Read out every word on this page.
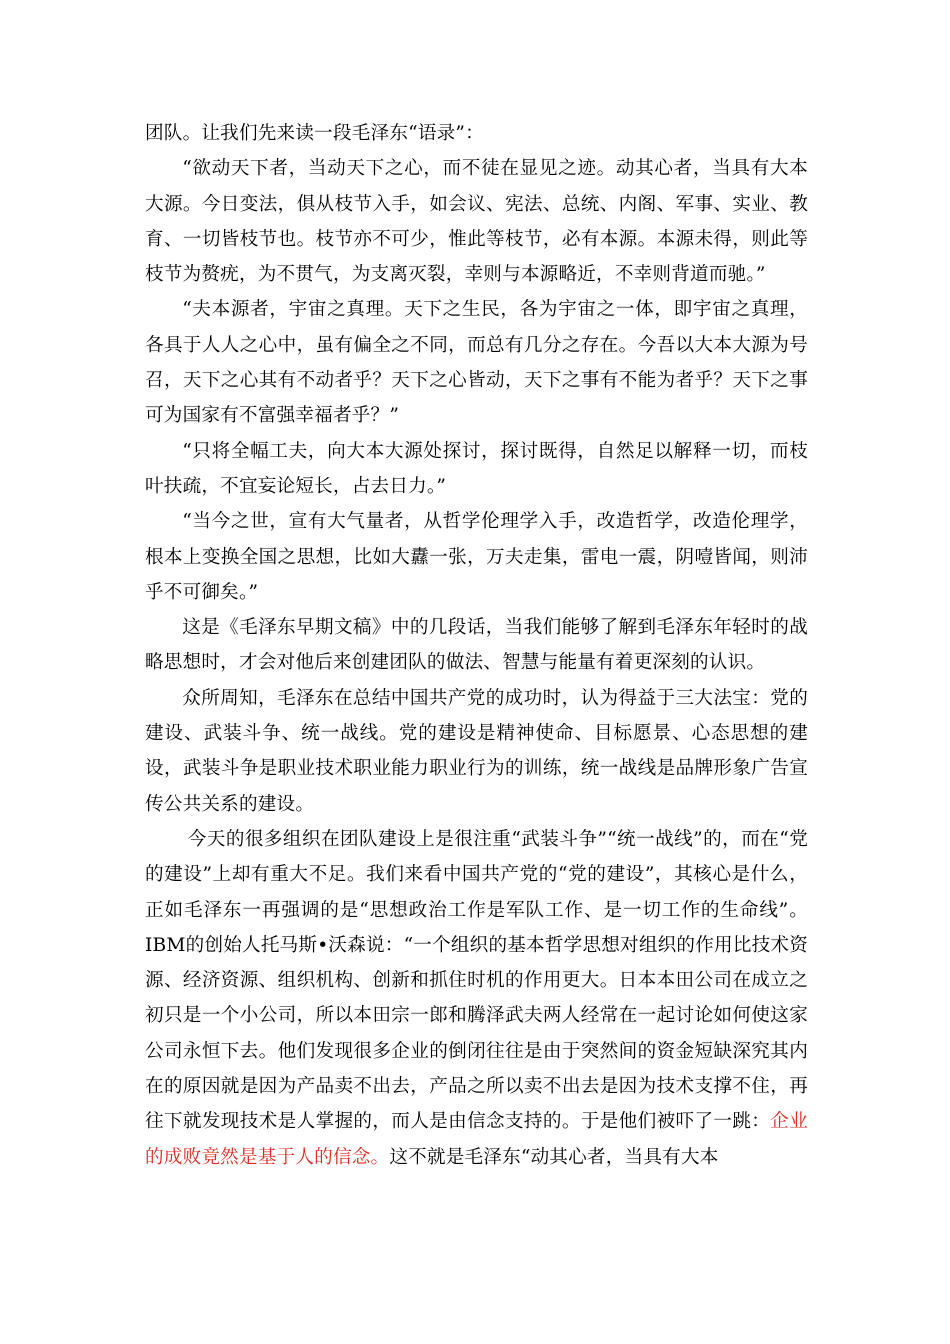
团队。让我们先来读一段毛泽东“语录”：

“欲动天下者，当动天下之心，而不徒在显见之迹。动其心者，当具有大本大源。今日变法，俱从枝节入手，如会议、宪法、总统、内阁、军事、实业、教育、一切皆枝节也。枝节亦不可少，惟此等枝节，必有本源。本源未得，则此等枝节为赘疣，为不贯气，为支离灭裂，幸则与本源略近，不幸则背道而驰。”

“夫本源者，宇宙之真理。天下之生民，各为宇宙之一体，即宇宙之真理，各具于人人之心中，虽有偏全之不同，而总有几分之存在。今吾以大本大源为号召，天下之心其有不动者乎？天下之心皆动，天下之事有不能为者乎？天下之事可为国家有不富强幸福者乎？”

“只将全幅工夫，向大本大源处探讨，探讨既得，自然足以解释一切，而枝叶扶疏，不宜妄论短长，占去日力。”

“当今之世，宣有大气量者，从哲学伦理学入手，改造哲学，改造伦理学，根本上变换全国之思想，比如大纛一张，万夫走集，雷电一震，阴噎皆闻，则沛乎不可御矣。”

这是《毛泽东早期文稿》中的几段话，当我们能够了解到毛泽东年轻时的战略思想时，才会对他后来创建团队的做法、智慧与能量有着更深刻的认识。

众所周知，毛泽东在总结中国共产党的成功时，认为得益于三大法宝：党的建设、武装斗争、统一战线。党的建设是精神使命、目标愿景、心态思想的建设，武装斗争是职业技术职业能力职业行为的训练，统一战线是品牌形象广告宣传公共关系的建设。

今天的很多组织在团队建设上是很注重“武装斗争”“统一战线”的，而在“党的建设”上却有重大不足。我们来看中国共产党的“党的建设”，其核心是什么，正如毛泽东一再强调的是“思想政治工作是军队工作、是一切工作的生命线”。IBM的创始人托马斯•沃森说：“一个组织的基本哲学思想对组织的作用比技术资源、经济资源、组织机构、创新和抓住时机的作用更大。日本本田公司在成立之初只是一个小公司，所以本田宗一郎和腾泽武夫两人经常在一起讨论如何使这家公司永恒下去。他们发现很多企业的倒闭往往是由于突然间的资金短缺深究其内在的原因就是因为产品卖不出去，产品之所以卖不出去是因为技术支撑不住，再往下就发现技术是人掌握的，而人是由信念支持的。于是他们被吓了一跳：企业的成败竟然是基于人的信念。这不就是毛泽东“动其心者，当具有大本
